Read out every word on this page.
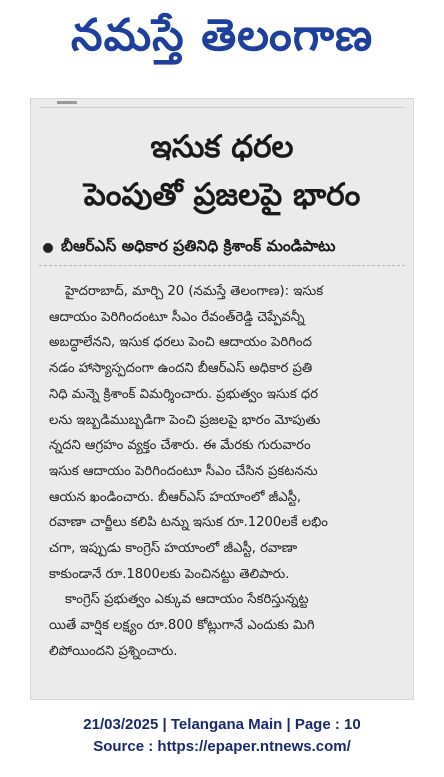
నమస్తే తెలంగాణ
ఇసుక ధరల
పెంపుతో ప్రజలపై భారం
బీఆర్‌ఎస్ అధికార ప్రతినిధి క్రిశాంక్ మండిపాటు
హైదరాబాద్, మార్చి 20 (నమస్తే తెలంగాణ): ఇసుక
ఆదాయం పెరిగిందంటూ సీఎం రేవంత్‌రెడ్డి చెప్పేవన్నీ
అబద్ధాలేనని, ఇసుక ధరలు పెంచి ఆదాయం పెరిగింద
నడం హాస్యాస్పదంగా ఉందని బీఆర్‌ఎస్ అధికార ప్రతి
నిధి మన్నె క్రిశాంక్ విమర్శించారు. ప్రభుత్వం ఇసుక ధర
లను ఇబ్బడిముబ్బడిగా పెంచి ప్రజలపై భారం మోపుతు
న్నదని ఆగ్రహం వ్యక్తం చేశారు. ఈ మేరకు గురువారం
ఇసుక ఆదాయం పెరిగిందంటూ సీఎం చేసిన ప్రకటనను
ఆయన ఖండించారు. బీఆర్‌ఎస్ హయాంలో జీఎస్టీ,
రవాణా చార్జీలు కలిపి టన్ను ఇసుక రూ.1200లకే లభిం
చగా, ఇప్పుడు కాంగ్రెస్ హయాంలో జీఎస్టీ, రవాణా
కాకుండానే రూ.1800లకు పెంచినట్టు తెలిపారు.
కాంగ్రెస్ ప్రభుత్వం ఎక్కువ ఆదాయం సేకరిస్తున్నట్ట
యితే వార్షిక లక్ష్యం రూ.800 కోట్లుగానే ఎందుకు మిగి
లిపోయిందని ప్రశ్నించారు.
21/03/2025 | Telangana Main | Page : 10
Source : https://epaper.ntnews.com/
